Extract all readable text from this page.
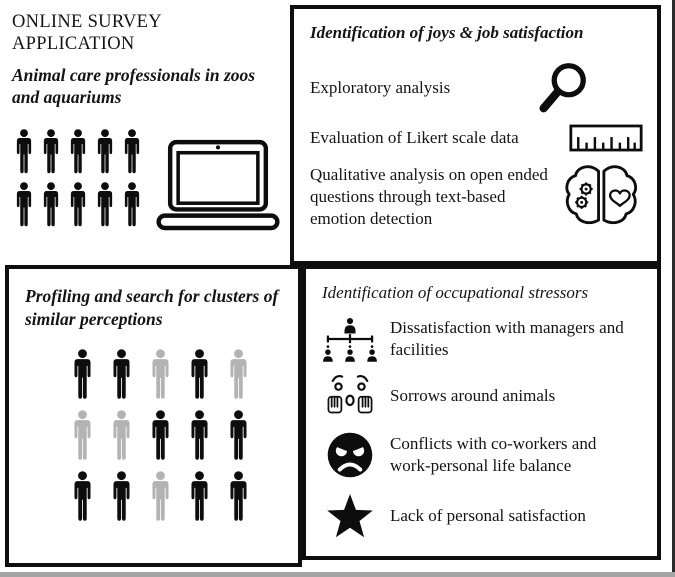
ONLINE SURVEY APPLICATION

Animal care professionals in zoos and aquariums

Identification of joys & job satisfaction

Exploratory analysis

Evaluation of Likert scale data

Qualitative analysis on open ended questions through text-based emotion detection

Profiling and search for clusters of similar perceptions
Identification of occupational stressors

Dissatisfaction with managers and facilities

Sorrows around animals

Conflicts with co-workers and work-personal life balance

Lack of personal satisfaction
